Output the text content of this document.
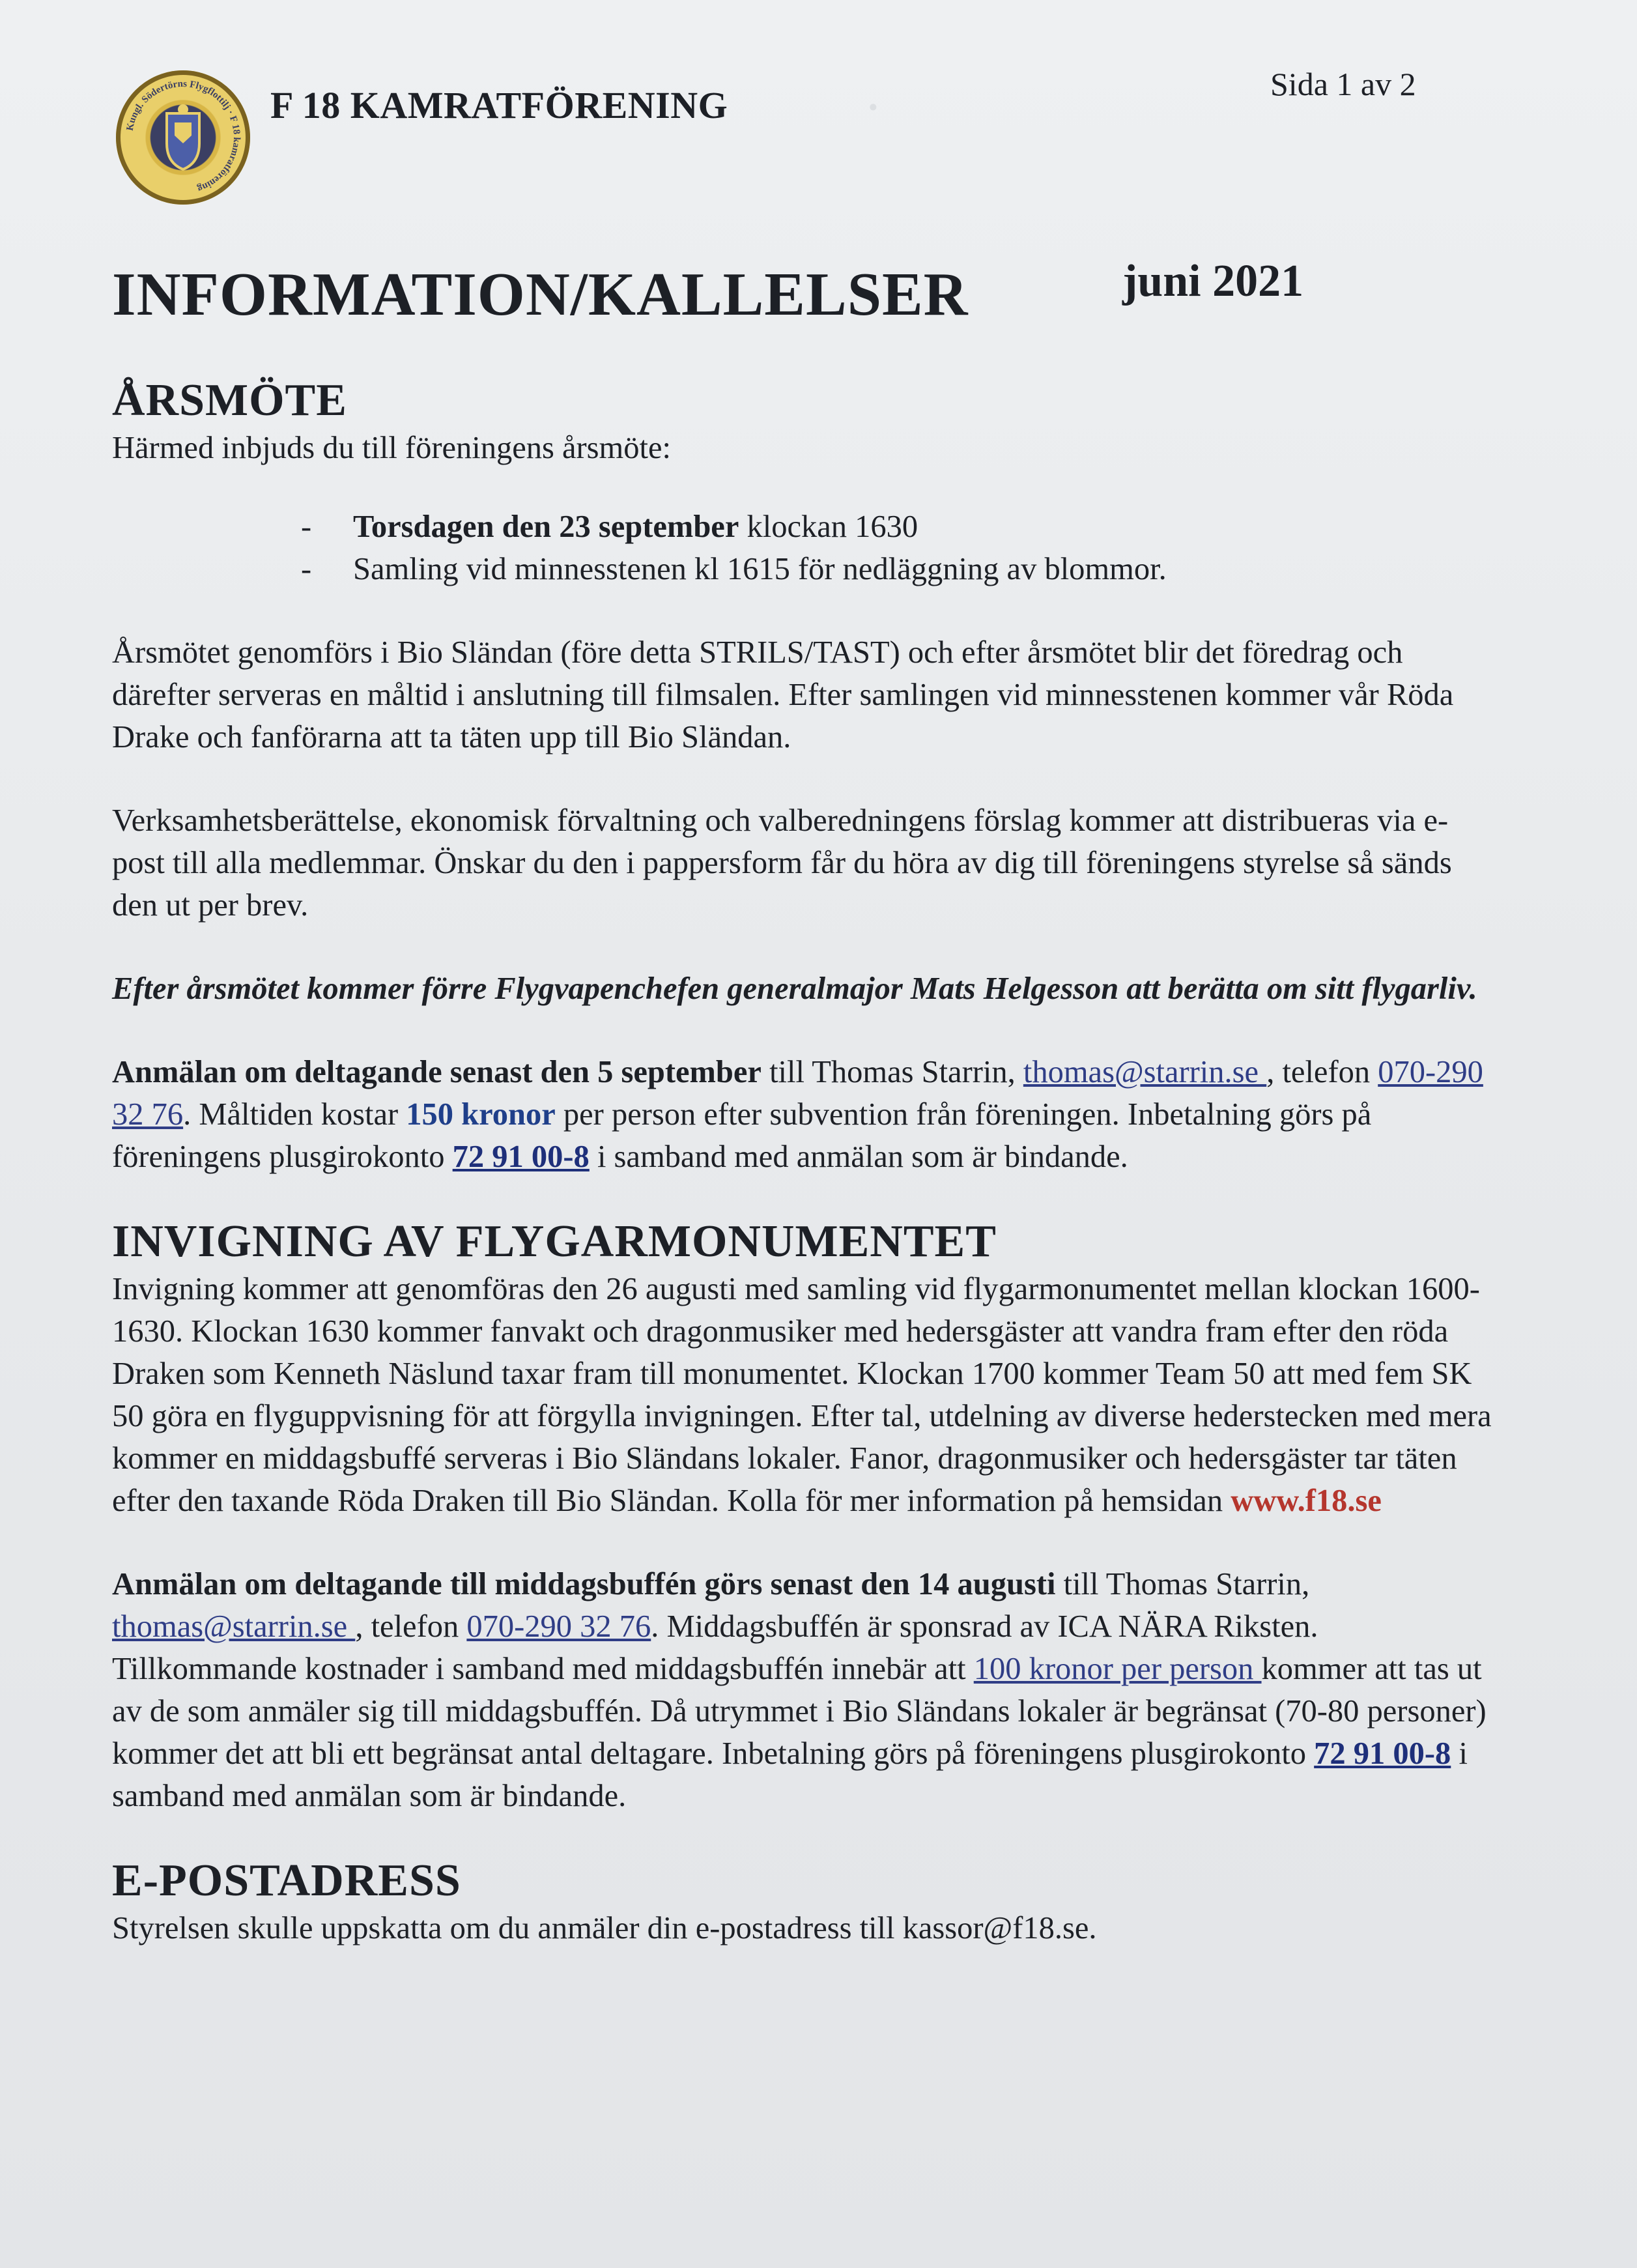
·
Kungl. Södertörns Flygflottilj · F 18 kamratförening
F 18 KAMRATFÖRENING	Sida 1 av 2
INFORMATION/KALLELSER	juni 2021
ÅRSMÖTE

Härmed inbjuds du till föreningens årsmöte:

- Torsdagen den 23 september klockan 1630
- Samling vid minnesstenen kl 1615 för nedläggning av blommor.

Årsmötet genomförs i Bio Sländan (före detta STRILS/TAST) och efter årsmötet blir det föredrag och därefter serveras en måltid i anslutning till filmsalen. Efter samlingen vid minnesstenen kommer vår Röda Drake och fanförarna att ta täten upp till Bio Sländan.

Verksamhetsberättelse, ekonomisk förvaltning och valberedningens förslag kommer att distribueras via e-post till alla medlemmar. Önskar du den i pappersform får du höra av dig till föreningens styrelse så sänds den ut per brev.

Efter årsmötet kommer förre Flygvapenchefen generalmajor Mats Helgesson att berätta om sitt flygarliv.

Anmälan om deltagande senast den 5 september till Thomas Starrin, thomas@starrin.se , telefon 070-290 32 76. Måltiden kostar 150 kronor per person efter subvention från föreningen. Inbetalning görs på föreningens plusgirokonto 72 91 00-8 i samband med anmälan som är bindande.

INVIGNING AV FLYGARMONUMENTET

Invigning kommer att genomföras den 26 augusti med samling vid flygarmonumentet mellan klockan 1600-1630. Klockan 1630 kommer fanvakt och dragonmusiker med hedersgäster att vandra fram efter den röda Draken som Kenneth Näslund taxar fram till monumentet. Klockan 1700 kommer Team 50 att med fem SK 50 göra en flyguppvisning för att förgylla invigningen. Efter tal, utdelning av diverse hederstecken med mera kommer en middagsbuffé serveras i Bio Sländans lokaler. Fanor, dragonmusiker och hedersgäster tar täten efter den taxande Röda Draken till Bio Sländan. Kolla för mer information på hemsidan www.f18.se

Anmälan om deltagande till middagsbuffén görs senast den 14 augusti till Thomas Starrin, thomas@starrin.se , telefon 070-290 32 76. Middagsbuffén är sponsrad av ICA NÄRA Riksten. Tillkommande kostnader i samband med middagsbuffén innebär att 100 kronor per person kommer att tas ut av de som anmäler sig till middagsbuffén. Då utrymmet i Bio Sländans lokaler är begränsat (70-80 personer) kommer det att bli ett begränsat antal deltagare. Inbetalning görs på föreningens plusgirokonto 72 91 00-8 i samband med anmälan som är bindande.

E-POSTADRESS

Styrelsen skulle uppskatta om du anmäler din e-postadress till kassor@f18.se.
